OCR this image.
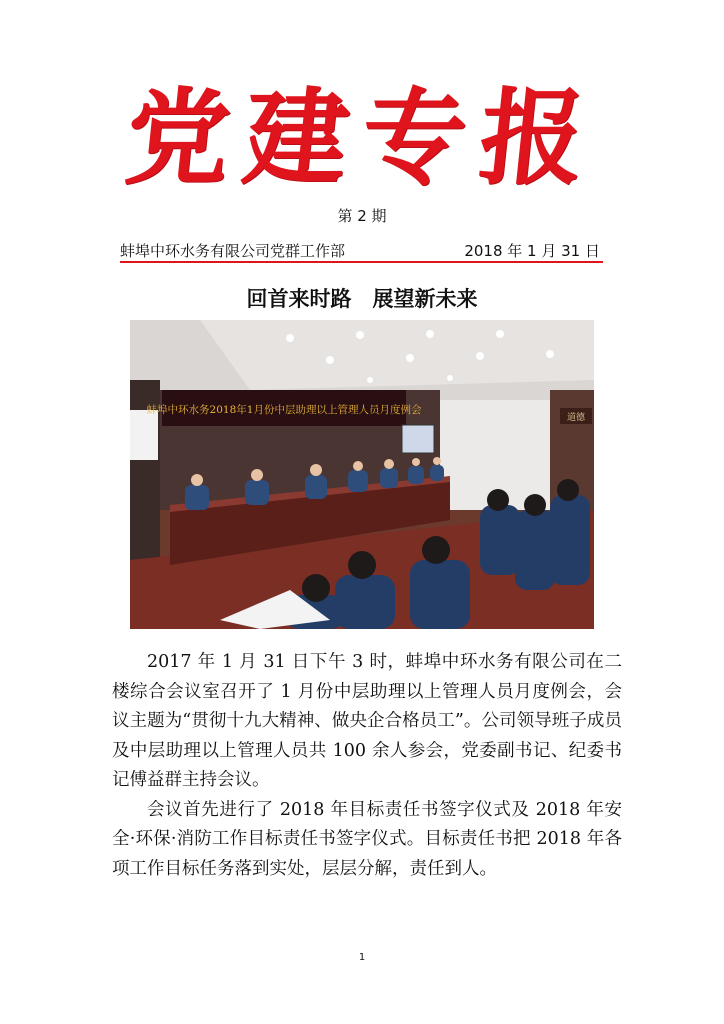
党建专报
第 2 期
蚌埠中环水务有限公司党群工作部	2018 年 1 月 31 日
回首来时路　展望新未来
蚌埠中环水务2018年1月份中层助理以上管理人员月度例会
道德

2017 年 1 月 31 日下午 3 时，蚌埠中环水务有限公司在二楼综合会议室召开了 1 月份中层助理以上管理人员月度例会，会议主题为“贯彻十九大精神、做央企合格员工”。公司领导班子成员及中层助理以上管理人员共 100 余人参会，党委副书记、纪委书记傅益群主持会议。

会议首先进行了 2018 年目标责任书签字仪式及 2018 年安全·环保·消防工作目标责任书签字仪式。目标责任书把 2018 年各项工作目标任务落到实处，层层分解，责任到人。

1
